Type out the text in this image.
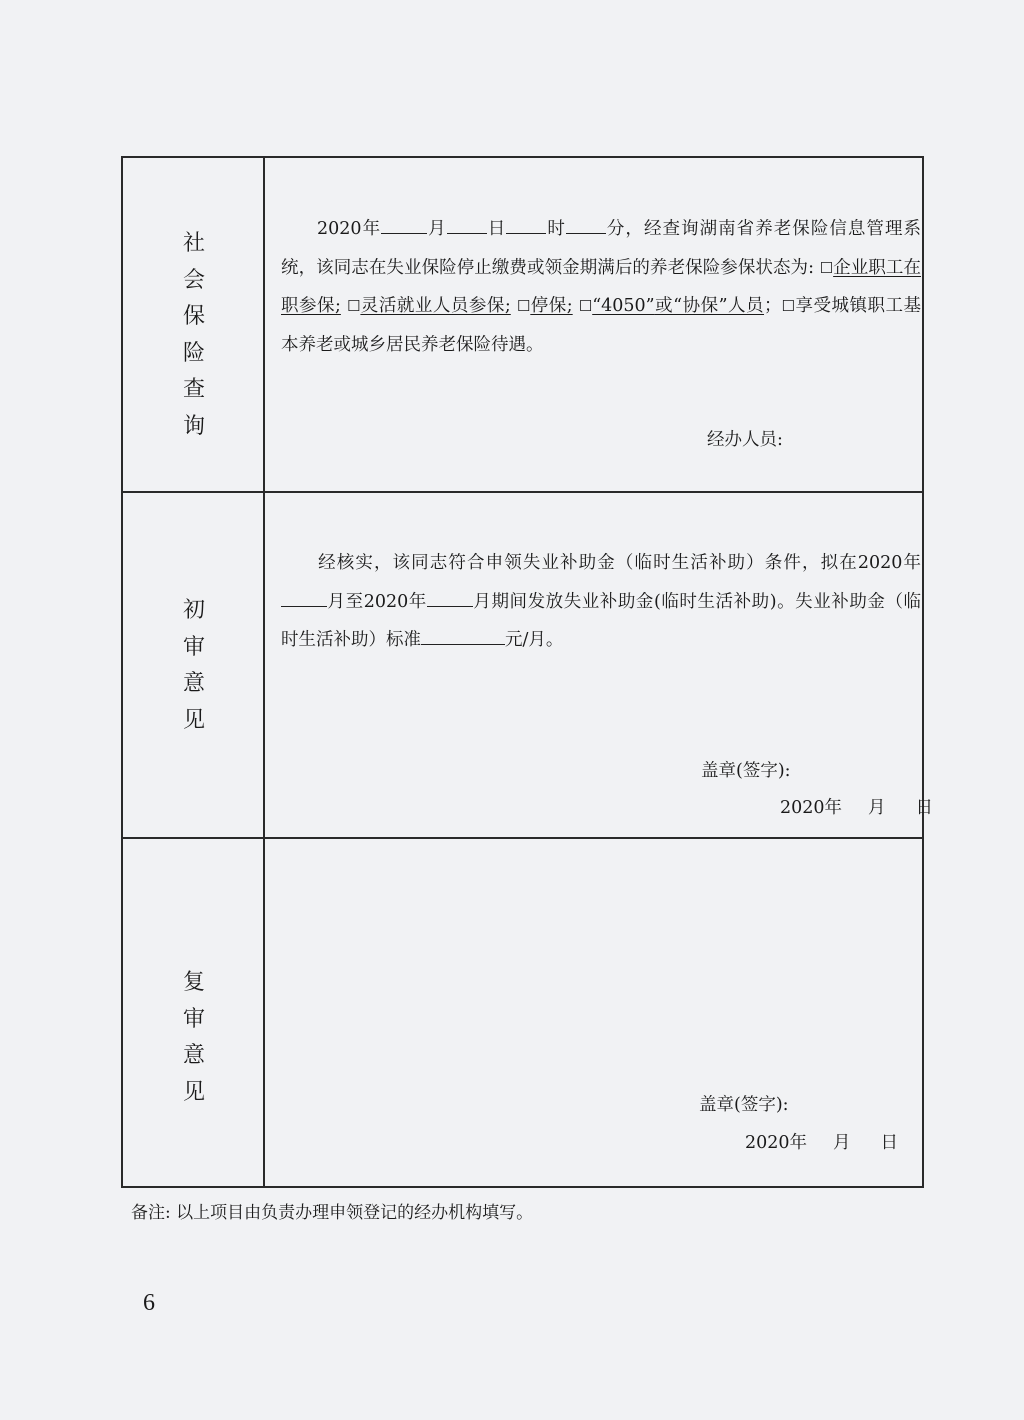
社会保险查询
2020年	月 日 时 分，经查询湖南省养老保险信息管理系统，该同志在失业保险停止缴费或领金期满后的养老保险参保状态为: ☐企业职工在职参保; ☐灵活就业人员参保; ☐停保; ☐“4050”或“协保”人员；☐享受城镇职工基本养老或城乡居民养老保险待遇。
经办人员:
初审意见
经核实，该同志符合申领失业补助金（临时生活补助）条件，拟在2020年月至2020年	月期间发放失业补助金(临时生活补助)。失业补助金（临时生活补助）标准	元/月。
盖章(签字):
2020年 月 日
复审意见
盖章(签字):
2020年 月 日
备注: 以上项目由负责办理申领登记的经办机构填写。
6
